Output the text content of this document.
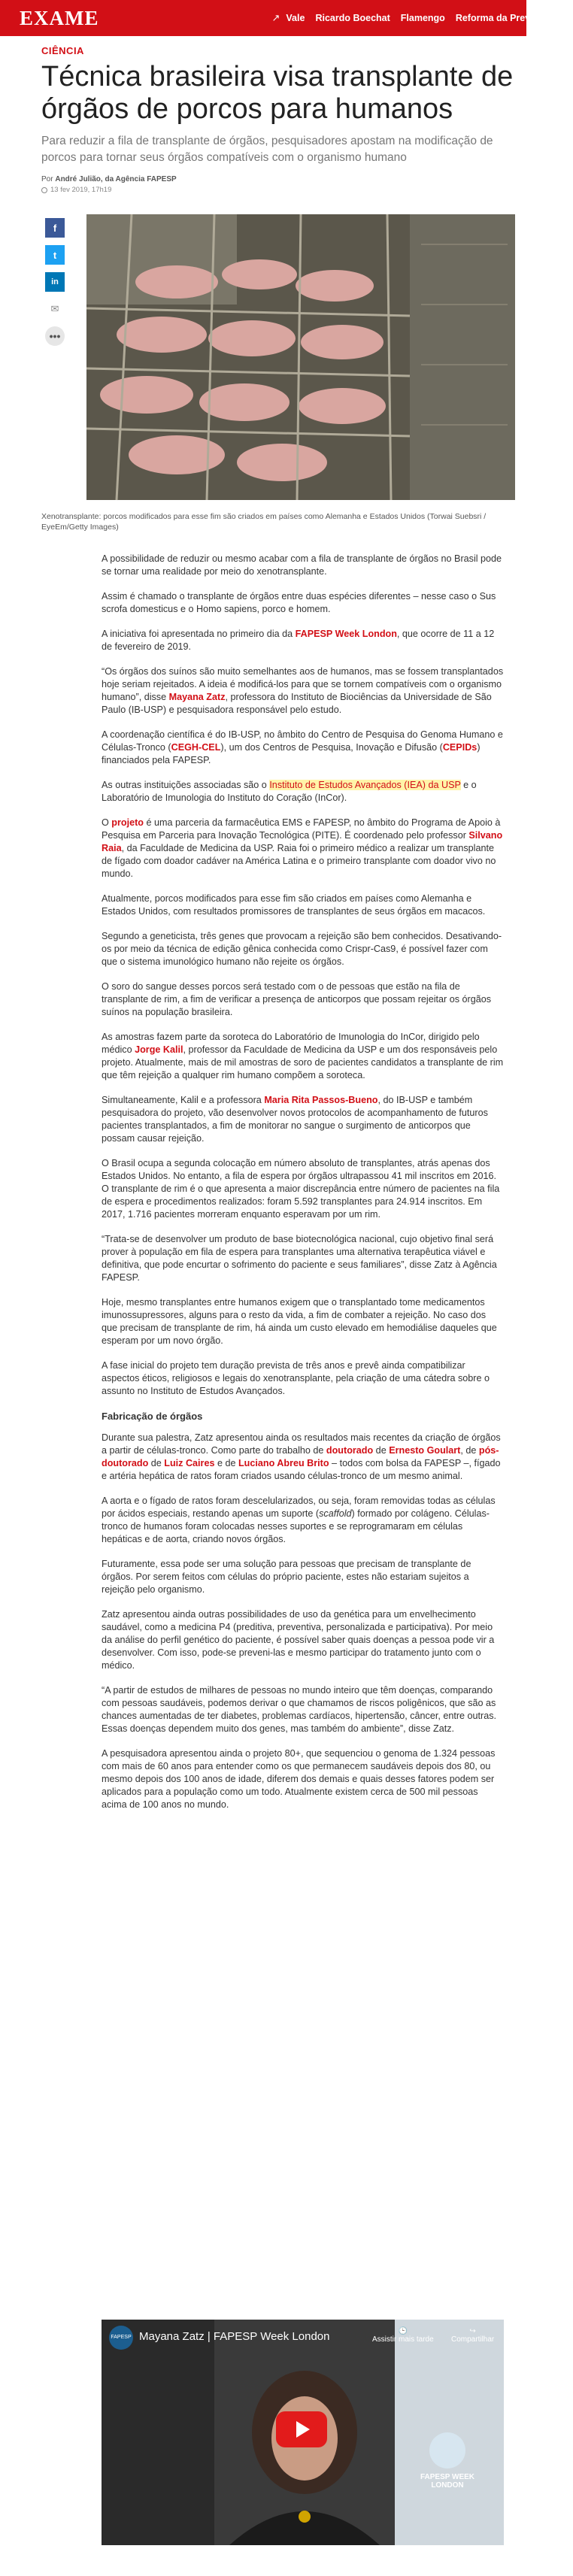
EXAME	↗ Vale Ricardo Boechat Flamengo Reforma da Previdência
CIÊNCIA
Técnica brasileira visa transplante de órgãos de porcos para humanos
Para reduzir a fila de transplante de órgãos, pesquisadores apostam na modificação de porcos para tornar seus órgãos compatíveis com o organismo humano
Por André Julião, da Agência FAPESP
13 fev 2019, 17h19
f
t
in
✉
•••
Xenotransplante: porcos modificados para esse fim são criados em países como Alemanha e Estados Unidos (Torwai Suebsri / EyeEm/Getty Images)

A possibilidade de reduzir ou mesmo acabar com a fila de transplante de órgãos no Brasil pode se tornar uma realidade por meio do xenotransplante.

Assim é chamado o transplante de órgãos entre duas espécies diferentes – nesse caso o Sus scrofa domesticus e o Homo sapiens, porco e homem.

A iniciativa foi apresentada no primeiro dia da FAPESP Week London, que ocorre de 11 a 12 de fevereiro de 2019.

“Os órgãos dos suínos são muito semelhantes aos de humanos, mas se fossem transplantados hoje seriam rejeitados. A ideia é modificá-los para que se tornem compatíveis com o organismo humano”, disse Mayana Zatz, professora do Instituto de Biociências da Universidade de São Paulo (IB-USP) e pesquisadora responsável pelo estudo.

A coordenação científica é do IB-USP, no âmbito do Centro de Pesquisa do Genoma Humano e Células-Tronco (CEGH-CEL), um dos Centros de Pesquisa, Inovação e Difusão (CEPIDs) financiados pela FAPESP.

As outras instituições associadas são o Instituto de Estudos Avançados (IEA) da USP e o Laboratório de Imunologia do Instituto do Coração (InCor).

O projeto é uma parceria da farmacêutica EMS e FAPESP, no âmbito do Programa de Apoio à Pesquisa em Parceria para Inovação Tecnológica (PITE). É coordenado pelo professor Silvano Raia, da Faculdade de Medicina da USP. Raia foi o primeiro médico a realizar um transplante de fígado com doador cadáver na América Latina e o primeiro transplante com doador vivo no mundo.

Atualmente, porcos modificados para esse fim são criados em países como Alemanha e Estados Unidos, com resultados promissores de transplantes de seus órgãos em macacos.

Segundo a geneticista, três genes que provocam a rejeição são bem conhecidos. Desativando-os por meio da técnica de edição gênica conhecida como Crispr-Cas9, é possível fazer com que o sistema imunológico humano não rejeite os órgãos.

O soro do sangue desses porcos será testado com o de pessoas que estão na fila de transplante de rim, a fim de verificar a presença de anticorpos que possam rejeitar os órgãos suínos na população brasileira.

As amostras fazem parte da soroteca do Laboratório de Imunologia do InCor, dirigido pelo médico Jorge Kalil, professor da Faculdade de Medicina da USP e um dos responsáveis pelo projeto. Atualmente, mais de mil amostras de soro de pacientes candidatos a transplante de rim que têm rejeição a qualquer rim humano compõem a soroteca.

Simultaneamente, Kalil e a professora Maria Rita Passos-Bueno, do IB-USP e também pesquisadora do projeto, vão desenvolver novos protocolos de acompanhamento de futuros pacientes transplantados, a fim de monitorar no sangue o surgimento de anticorpos que possam causar rejeição.

O Brasil ocupa a segunda colocação em número absoluto de transplantes, atrás apenas dos Estados Unidos. No entanto, a fila de espera por órgãos ultrapassou 41 mil inscritos em 2016. O transplante de rim é o que apresenta a maior discrepância entre número de pacientes na fila de espera e procedimentos realizados: foram 5.592 transplantes para 24.914 inscritos. Em 2017, 1.716 pacientes morreram enquanto esperavam por um rim.

“Trata-se de desenvolver um produto de base biotecnológica nacional, cujo objetivo final será prover à população em fila de espera para transplantes uma alternativa terapêutica viável e definitiva, que pode encurtar o sofrimento do paciente e seus familiares”, disse Zatz à Agência FAPESP.

Hoje, mesmo transplantes entre humanos exigem que o transplantado tome medicamentos imunossupressores, alguns para o resto da vida, a fim de combater a rejeição. No caso dos que precisam de transplante de rim, há ainda um custo elevado em hemodiálise daqueles que esperam por um novo órgão.

A fase inicial do projeto tem duração prevista de três anos e prevê ainda compatibilizar aspectos éticos, religiosos e legais do xenotransplante, pela criação de uma cátedra sobre o assunto no Instituto de Estudos Avançados.

Fabricação de órgãos

Durante sua palestra, Zatz apresentou ainda os resultados mais recentes da criação de órgãos a partir de células-tronco. Como parte do trabalho de doutorado de Ernesto Goulart, de pós-doutorado de Luiz Caires e de Luciano Abreu Brito – todos com bolsa da FAPESP –, fígado e artéria hepática de ratos foram criados usando células-tronco de um mesmo animal.

A aorta e o fígado de ratos foram descelularizados, ou seja, foram removidas todas as células por ácidos especiais, restando apenas um suporte (scaffold) formado por colágeno. Células-tronco de humanos foram colocadas nesses suportes e se reprogramaram em células hepáticas e de aorta, criando novos órgãos.

Futuramente, essa pode ser uma solução para pessoas que precisam de transplante de órgãos. Por serem feitos com células do próprio paciente, estes não estariam sujeitos a rejeição pelo organismo.

Zatz apresentou ainda outras possibilidades de uso da genética para um envelhecimento saudável, como a medicina P4 (preditiva, preventiva, personalizada e participativa). Por meio da análise do perfil genético do paciente, é possível saber quais doenças a pessoa pode vir a desenvolver. Com isso, pode-se preveni-las e mesmo participar do tratamento junto com o médico.

“A partir de estudos de milhares de pessoas no mundo inteiro que têm doenças, comparando com pessoas saudáveis, podemos derivar o que chamamos de riscos poligênicos, que são as chances aumentadas de ter diabetes, problemas cardíacos, hipertensão, câncer, entre outras. Essas doenças dependem muito dos genes, mas também do ambiente”, disse Zatz.

A pesquisadora apresentou ainda o projeto 80+, que sequenciou o genoma de 1.324 pessoas com mais de 60 anos para entender como os que permanecem saudáveis depois dos 80, ou mesmo depois dos 100 anos de idade, diferem dos demais e quais desses fatores podem ser aplicados para a população como um todo. Atualmente existem cerca de 500 mil pessoas acima de 100 anos no mundo.

FAPESP Mayana Zatz | FAPESP Week London	🕒
Assistir mais tarde
↪
Compartilhar
FAPESP WEEK
LONDON
